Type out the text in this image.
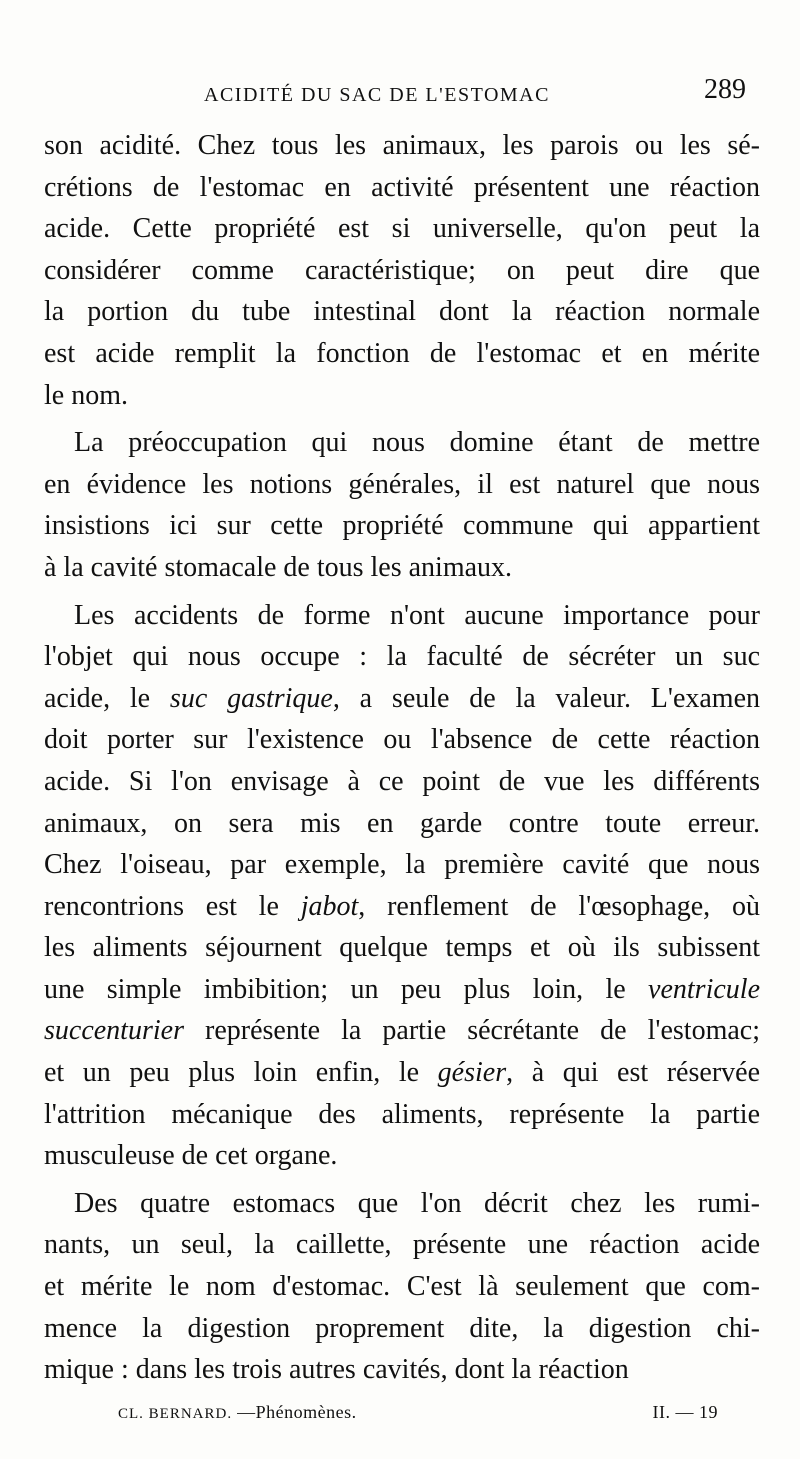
ACIDITÉ DU SAC DE L'ESTOMAC	289
son acidité. Chez tous les animaux, les parois ou les sé-
crétions de l'estomac en activité présentent une réaction
acide. Cette propriété est si universelle, qu'on peut la
considérer comme caractéristique; on peut dire que
la portion du tube intestinal dont la réaction normale
est acide remplit la fonction de l'estomac et en mérite
le nom.
La préoccupation qui nous domine étant de mettre
en évidence les notions générales, il est naturel que nous
insistions ici sur cette propriété commune qui appartient
à la cavité stomacale de tous les animaux.
Les accidents de forme n'ont aucune importance pour
l'objet qui nous occupe : la faculté de sécréter un suc
acide, le suc gastrique, a seule de la valeur. L'examen
doit porter sur l'existence ou l'absence de cette réaction
acide. Si l'on envisage à ce point de vue les différents
animaux, on sera mis en garde contre toute erreur.
Chez l'oiseau, par exemple, la première cavité que nous
rencontrions est le jabot, renflement de l'œsophage, où
les aliments séjournent quelque temps et où ils subissent
une simple imbibition; un peu plus loin, le ventricule
succenturier représente la partie sécrétante de l'estomac;
et un peu plus loin enfin, le gésier, à qui est réservée
l'attrition mécanique des aliments, représente la partie
musculeuse de cet organe.
Des quatre estomacs que l'on décrit chez les rumi-
nants, un seul, la caillette, présente une réaction acide
et mérite le nom d'estomac. C'est là seulement que com-
mence la digestion proprement dite, la digestion chi-
mique : dans les trois autres cavités, dont la réaction
CL. BERNARD. —Phénomènes.	II. — 19
